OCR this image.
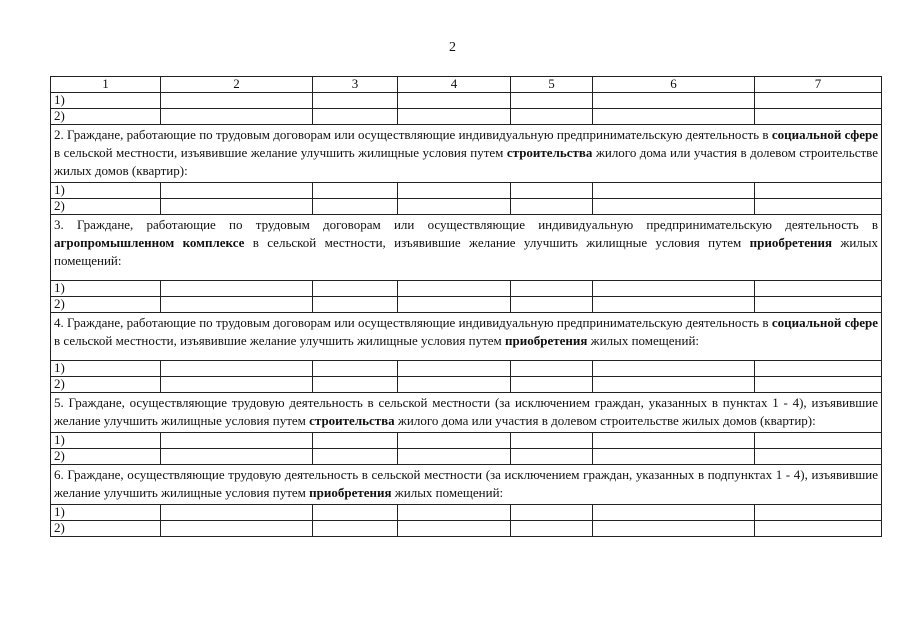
2
1	2	3	4	5	6	7
1)						
2)						
2. Граждане, работающие по трудовым договорам или осуществляющие индивидуальную предпринимательскую деятельность в социальной сфере в сельской местности, изъявившие желание улучшить жилищные условия путем строительства жилого дома или участия в долевом строительстве жилых домов (квартир):						
1)						
2)						
3. Граждане, работающие по трудовым договорам или осуществляющие индивидуальную предпринимательскую деятельность в агропромышленном комплексе в сельской местности, изъявившие желание улучшить жилищные условия путем приобретения жилых помещений:						
1)						
2)						
4. Граждане, работающие по трудовым договорам или осуществляющие индивидуальную предпринимательскую деятельность в социальной сфере в сельской местности, изъявившие желание улучшить жилищные условия путем приобретения жилых помещений:						
1)						
2)						
5. Граждане, осуществляющие трудовую деятельность в сельской местности (за исключением граждан, указанных в пунктах 1 - 4), изъявившие желание улучшить жилищные условия путем строительства жилого дома или участия в долевом строительстве жилых домов (квартир):						
1)						
2)						
6. Граждане, осуществляющие трудовую деятельность в сельской местности (за исключением граждан, указанных в подпунктах 1 - 4), изъявившие желание улучшить жилищные условия путем приобретения жилых помещений:						
1)						
2)						
